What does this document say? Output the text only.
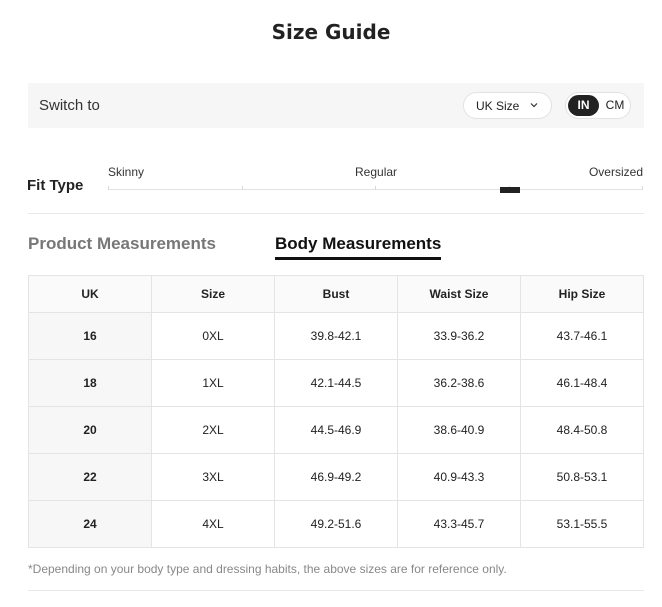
Size Guide
Switch to	UK Size	IN	CM
Fit Type
Skinny	Regular	Oversized
Product Measurements	Body Measurements
UK	Size	Bust	Waist Size	Hip Size
16	0XL	39.8-42.1	33.9-36.2	43.7-46.1
18	1XL	42.1-44.5	36.2-38.6	46.1-48.4
20	2XL	44.5-46.9	38.6-40.9	48.4-50.8
22	3XL	46.9-49.2	40.9-43.3	50.8-53.1
24	4XL	49.2-51.6	43.3-45.7	53.1-55.5
*Depending on your body type and dressing habits, the above sizes are for reference only.
